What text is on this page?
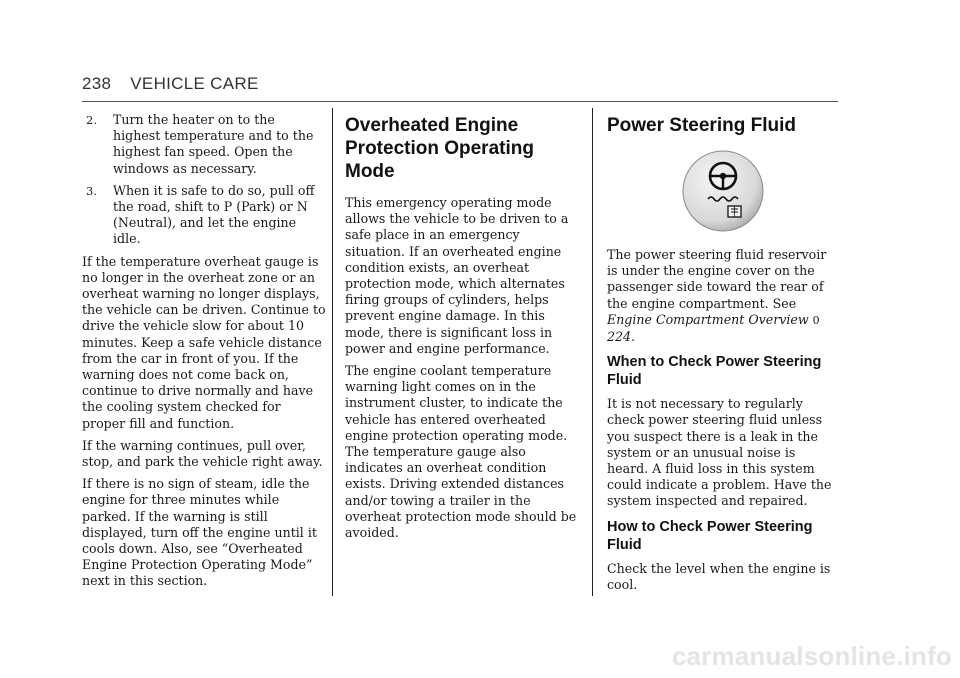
238 VEHICLE CARE
2.	Turn the heater on to the highest temperature and to the highest fan speed. Open the windows as necessary.
3.	When it is safe to do so, pull off the road, shift to P (Park) or N (Neutral), and let the engine idle.

If the temperature overheat gauge is no longer in the overheat zone or an overheat warning no longer displays, the vehicle can be driven. Continue to drive the vehicle slow for about 10 minutes. Keep a safe vehicle distance from the car in front of you. If the warning does not come back on, continue to drive normally and have the cooling system checked for proper fill and function.

If the warning continues, pull over, stop, and park the vehicle right away.

If there is no sign of steam, idle the engine for three minutes while parked. If the warning is still displayed, turn off the engine until it cools down. Also, see “Overheated Engine Protection Operating Mode” next in this section.

Overheated Engine Protection Operating Mode

This emergency operating mode allows the vehicle to be driven to a safe place in an emergency situation. If an overheated engine condition exists, an overheat protection mode, which alternates firing groups of cylinders, helps prevent engine damage. In this mode, there is significant loss in power and engine performance.

The engine coolant temperature warning light comes on in the instrument cluster, to indicate the vehicle has entered overheated engine protection operating mode. The temperature gauge also indicates an overheat condition exists. Driving extended distances and/or towing a trailer in the overheat protection mode should be avoided.

Power Steering Fluid

The power steering fluid reservoir is under the engine cover on the passenger side toward the rear of the engine compartment. See Engine Compartment Overview 0 224.

When to Check Power Steering Fluid

It is not necessary to regularly check power steering fluid unless you suspect there is a leak in the system or an unusual noise is heard. A fluid loss in this system could indicate a problem. Have the system inspected and repaired.

How to Check Power Steering Fluid

Check the level when the engine is cool.

carmanualsonline.info
